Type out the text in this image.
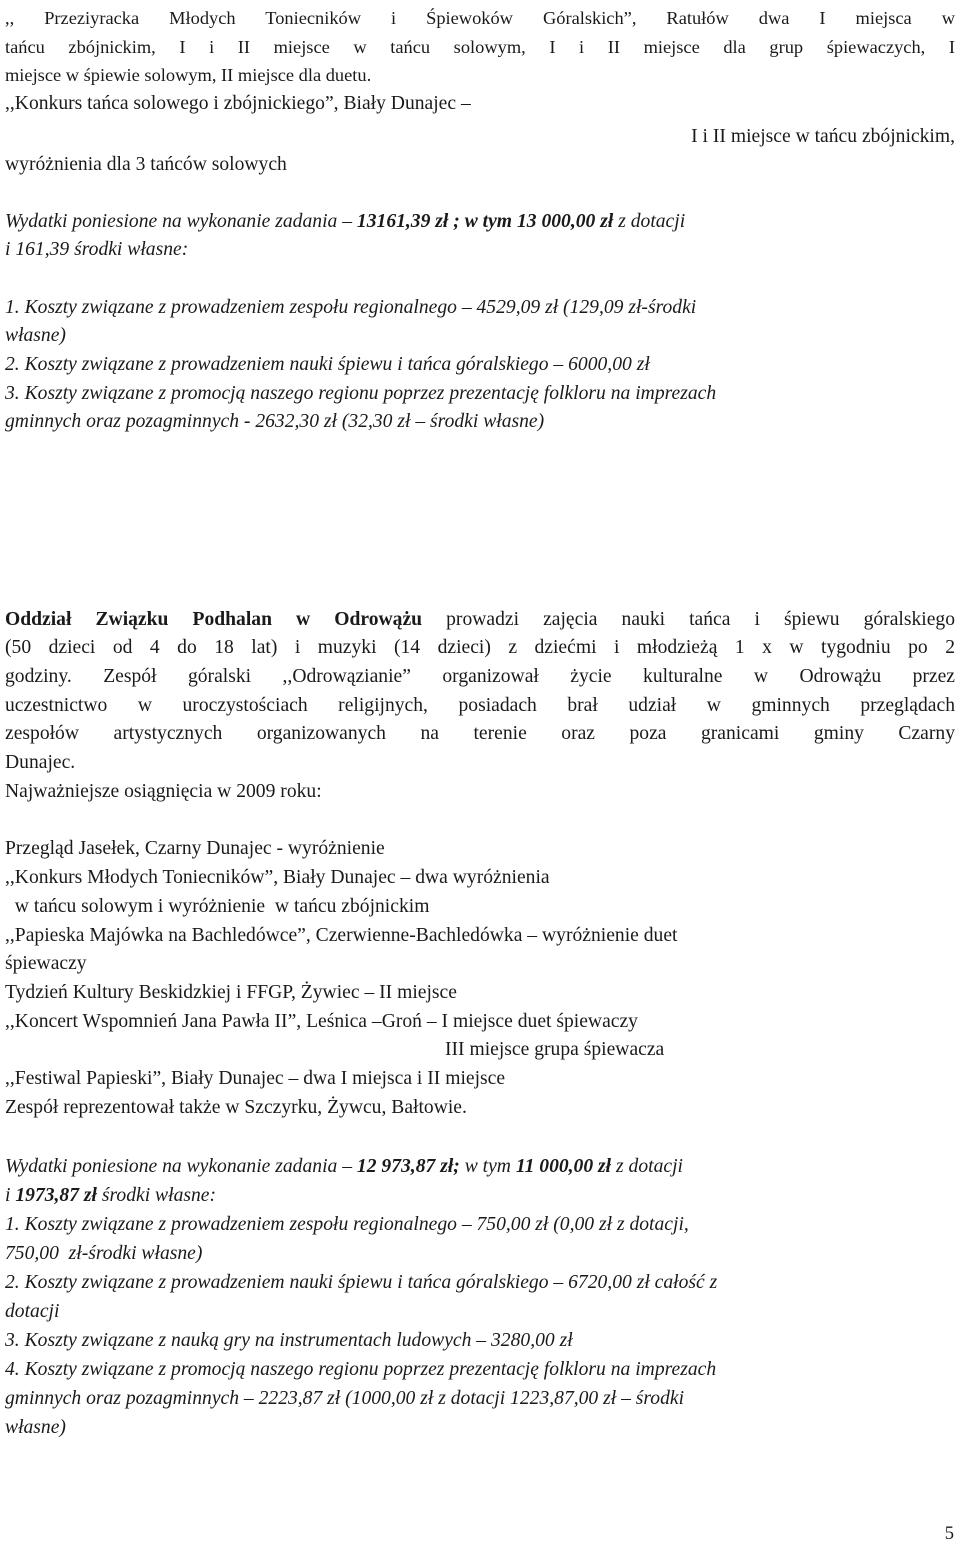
,, Przeziyracka Młodych Toniecników i Śpiewoków Góralskich”, Ratułów dwa I miejsca w
tańcu zbójnickim, I i II miejsce w tańcu solowym, I i II miejsce dla grup śpiewaczych, I
miejsce w śpiewie solowym, II miejsce dla duetu.
,,Konkurs tańca solowego i zbójnickiego”, Biały Dunajec –
I i II miejsce w tańcu zbójnickim,
wyróżnienia dla 3 tańców solowych
Wydatki poniesione na wykonanie zadania – 13161,39 zł ; w tym 13 000,00 zł z dotacji
i 161,39 środki własne:
1. Koszty związane z prowadzeniem zespołu regionalnego – 4529,09 zł (129,09 zł-środki
własne)
2. Koszty związane z prowadzeniem nauki śpiewu i tańca góralskiego – 6000,00 zł
3. Koszty związane z promocją naszego regionu poprzez prezentację folkloru na imprezach
gminnych oraz pozagminnych - 2632,30 zł (32,30 zł – środki własne)
Oddział Związku Podhalan w Odrowążu prowadzi zajęcia nauki tańca i śpiewu góralskiego
(50 dzieci od 4 do 18 lat) i muzyki (14 dzieci) z dziećmi i młodzieżą 1 x w tygodniu po 2
godziny. Zespół góralski ,,Odrowązianie” organizował życie kulturalne w Odrowążu przez
uczestnictwo w uroczystościach religijnych, posiadach brał udział w gminnych przeglądach
zespołów artystycznych organizowanych na terenie oraz poza granicami gminy Czarny
Dunajec.
Najważniejsze osiągnięcia w 2009 roku:
Przegląd Jasełek, Czarny Dunajec - wyróżnienie
,,Konkurs Młodych Toniecników”, Biały Dunajec – dwa wyróżnienia
w tańcu solowym i wyróżnienie  w tańcu zbójnickim
,,Papieska Majówka na Bachledówce”, Czerwienne-Bachledówka – wyróżnienie duet
śpiewaczy
Tydzień Kultury Beskidzkiej i FFGP, Żywiec – II miejsce
,,Koncert Wspomnień Jana Pawła II”, Leśnica –Groń – I miejsce duet śpiewaczy
III miejsce grupa śpiewacza
,,Festiwal Papieski”, Biały Dunajec – dwa I miejsca i II miejsce
Zespół reprezentował także w Szczyrku, Żywcu, Bałtowie.
Wydatki poniesione na wykonanie zadania – 12 973,87 zł; w tym 11 000,00 zł z dotacji
i 1973,87 zł środki własne:
1. Koszty związane z prowadzeniem zespołu regionalnego – 750,00 zł (0,00 zł z dotacji,
750,00  zł-środki własne)
2. Koszty związane z prowadzeniem nauki śpiewu i tańca góralskiego – 6720,00 zł całość z
dotacji
3. Koszty związane z nauką gry na instrumentach ludowych – 3280,00 zł
4. Koszty związane z promocją naszego regionu poprzez prezentację folkloru na imprezach
gminnych oraz pozagminnych – 2223,87 zł (1000,00 zł z dotacji 1223,87,00 zł – środki
własne)
5
